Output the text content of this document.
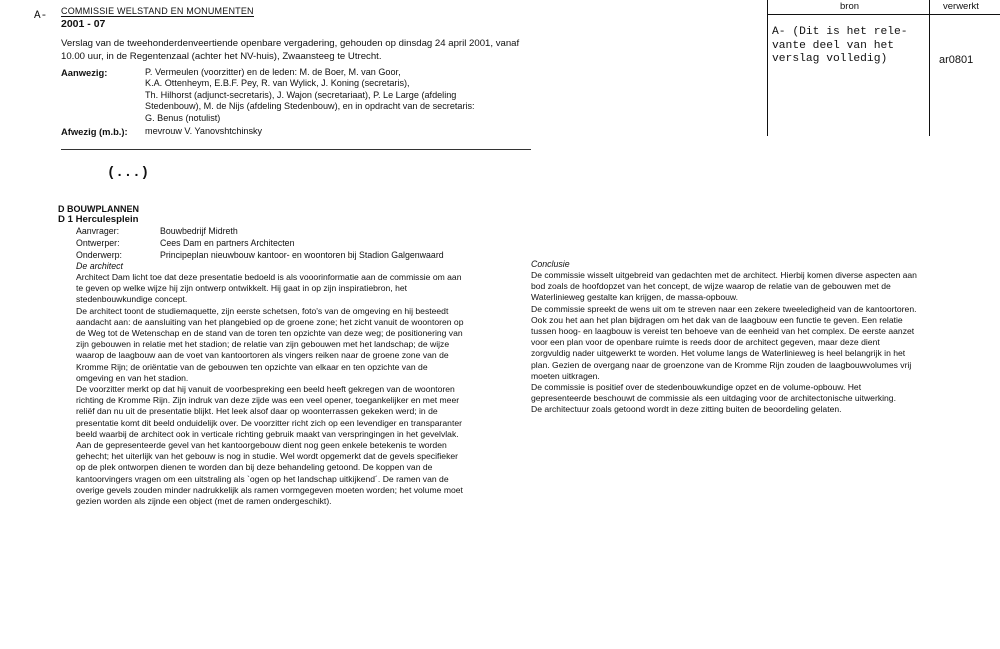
A- COMMISSIE WELSTAND EN MONUMENTEN
2001 - 07
Verslag van de tweehonderdenveertiende openbare vergadering, gehouden op dinsdag 24 april 2001, vanaf 10.00 uur, in de Regentenzaal (achter het NV-huis), Zwaansteeg te Utrecht.
Aanwezig:	P. Vermeulen (voorzitter) en de leden: M. de Boer, M. van Goor,
K.A. Ottenheym, E.B.F. Pey, R. van Wylick, J. Koning (secretaris),
Th. Hilhorst (adjunct-secretaris), J. Wajon (secretariaat), P. Le Large (afdeling
Stedenbouw), M. de Nijs (afdeling Stedenbouw), en in opdracht van de secretaris:
G. Benus (notulist)
Afwezig (m.b.): mevrouw V. Yanovshtchinsky
(...)
D BOUWPLANNEN
D 1 Herculesplein
Aanvrager:	Bouwbedrijf Midreth
Ontwerper:	Cees Dam en partners Architecten
Onderwerp:	Principeplan nieuwbouw kantoor- en woontoren bij Stadion Galgenwaard
De architect

Architect Dam licht toe dat deze presentatie bedoeld is als vooorinformatie aan de commissie om aan

te geven op welke wijze hij zijn ontwerp ontwikkelt. Hij gaat in op zijn inspiratiebron, het

stedenbouwkundige concept.

De architect toont de studiemaquette, zijn eerste schetsen, foto's van de omgeving en hij besteedt

aandacht aan: de aansluiting van het plangebied op de groene zone; het zicht vanuit de woontoren op

de Weg tot de Wetenschap en de stand van de toren ten opzichte van deze weg; de positionering van

zijn gebouwen in relatie met het stadion; de relatie van zijn gebouwen met het landschap; de wijze

waarop de laagbouw aan de voet van kantoortoren als vingers reiken naar de groene zone van de

Kromme Rijn; de oriëntatie van de gebouwen ten opzichte van elkaar en ten opzichte van de

omgeving en van het stadion.

De voorzitter merkt op dat hij vanuit de voorbespreking een beeld heeft gekregen van de woontoren

richting de Kromme Rijn. Zijn indruk van deze zijde was een veel opener, toegankelijker en met meer

reliëf dan nu uit de presentatie blijkt. Het leek alsof daar op woonterrassen gekeken werd; in de

presentatie komt dit beeld onduidelijk over. De voorzitter richt zich op een levendiger en transparanter

beeld waarbij de architect ook in verticale richting gebruik maakt van verspringingen in het gevelvlak.

Aan de gepresenteerde gevel van het kantoorgebouw dient nog geen enkele betekenis te worden

gehecht; het uiterlijk van het gebouw is nog in studie. Wel wordt opgemerkt dat de gevels specifieker

op de plek ontworpen dienen te worden dan bij deze behandeling getoond. De koppen van de

kantoorvingers vragen om een uitstraling als `ogen op het landschap uitkijkend´. De ramen van de

overige gevels zouden minder nadrukkelijk als ramen vormgegeven moeten worden; het volume moet

gezien worden als zijnde een object (met de ramen ondergeschikt).

Conclusie

De commissie wisselt uitgebreid van gedachten met de architect. Hierbij komen diverse aspecten aan

bod zoals de hoofdopzet van het concept, de wijze waarop de relatie van de gebouwen met de

Waterlinieweg gestalte kan krijgen, de massa-opbouw.

De commissie spreekt de wens uit om te streven naar een zekere tweeledigheid van de kantoortoren.

Ook zou het aan het plan bijdragen om het dak van de laagbouw een functie te geven. Een relatie

tussen hoog- en laagbouw is vereist ten behoeve van de eenheid van het complex. De eerste aanzet

voor een plan voor de openbare ruimte is reeds door de architect gegeven, maar deze dient

zorgvuldig nader uitgewerkt te worden. Het volume langs de Waterlinieweg is heel belangrijk in het

plan. Gezien de overgang naar de groenzone van de Kromme Rijn zouden de laagbouwvolumes vrij

moeten uitkragen.

De commissie is positief over de stedenbouwkundige opzet en de volume-opbouw. Het

gepresenteerde beschouwt de commissie als een uitdaging voor de architectonische uitwerking.

De architectuur zoals getoond wordt in deze zitting buiten de beoordeling gelaten.

bron	verwerkt
A- (Dit is het rele-
vante deel van het
verslag volledig)	ar0801
